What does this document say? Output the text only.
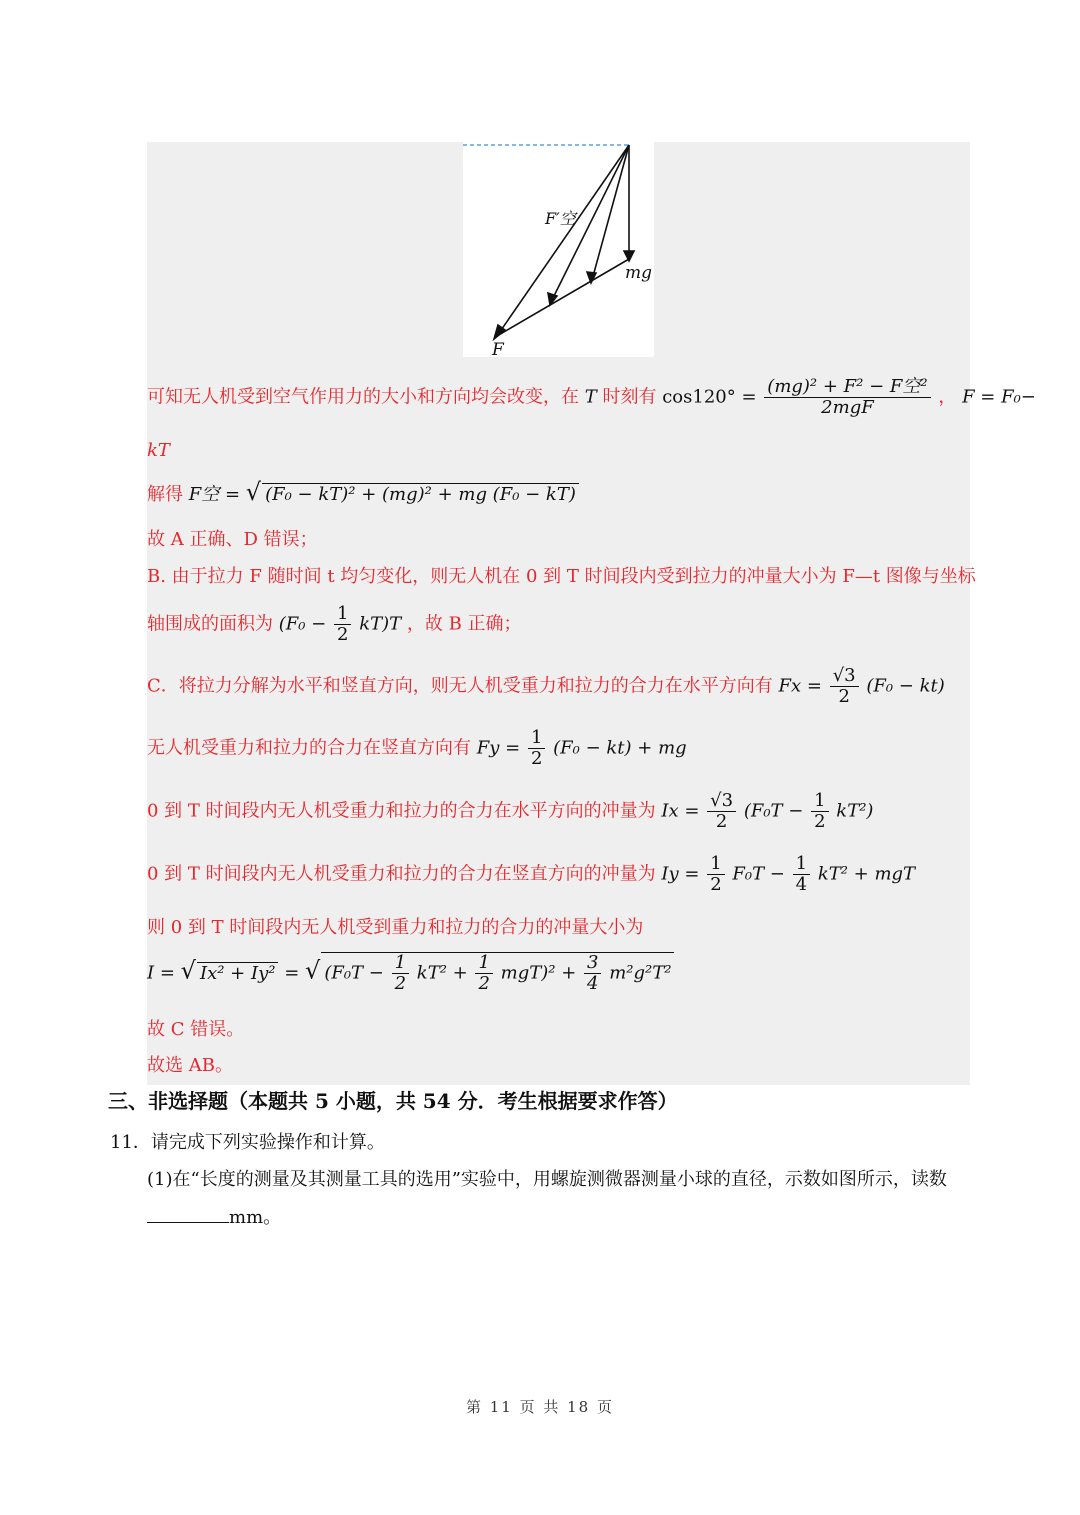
F′空
mg
F
可知无人机受到空气作用力的大小和方向均会改变，在 T 时刻有 $\cos 120^\circ = \frac{\text{(mg)² + F² − F空²}}{\text{2mgF}}$ ， F = F₀−
kT
解得 F空 = √ (F₀ − kT)² + (mg)² + mg (F₀ − kT)
故 A 正确、D 错误；
B. 由于拉力 F 随时间 t 均匀变化，则无人机在 0 到 T 时间段内受到拉力的冲量大小为 F—t 图像与坐标
轴围成的面积为 $(F_0 - \frac{1}{2} kT)T$ ，故 B 正确；
C．将拉力分解为水平和竖直方向，则无人机受重力和拉力的合力在水平方向有 $Fx = \frac{√3}{2} (F_0 - kt)$
无人机受重力和拉力的合力在竖直方向有 $Fy = \frac{1}{2} (F_0 - kt)$ + mg
0 到 T 时间段内无人机受重力和拉力的合力在水平方向的冲量为 $Ix = \frac{√3}{2} (F_0T - \frac{1}{2} kT^2)$
0 到 T 时间段内无人机受重力和拉力的合力在竖直方向的冲量为 $Iy = \frac{1}{2} F_0T - \frac{1}{4} kT^2$ + mgT
则 0 到 T 时间段内无人机受到重力和拉力的合力的冲量大小为
I = √ Ix² + Iy² = √ $(F_0T - \frac{1}{2} kT^2 + \frac{1}{2} mgT)^2 + \frac{3}{4} m^2g^2T^2$
故 C 错误。
故选 AB。
三、非选择题（本题共 5 小题，共 54 分．考生根据要求作答）
11．请完成下列实验操作和计算。
(1)在“长度的测量及其测量工具的选用”实验中，用螺旋测微器测量小球的直径，示数如图所示，读数
mm。
第 11 页 共 18 页
